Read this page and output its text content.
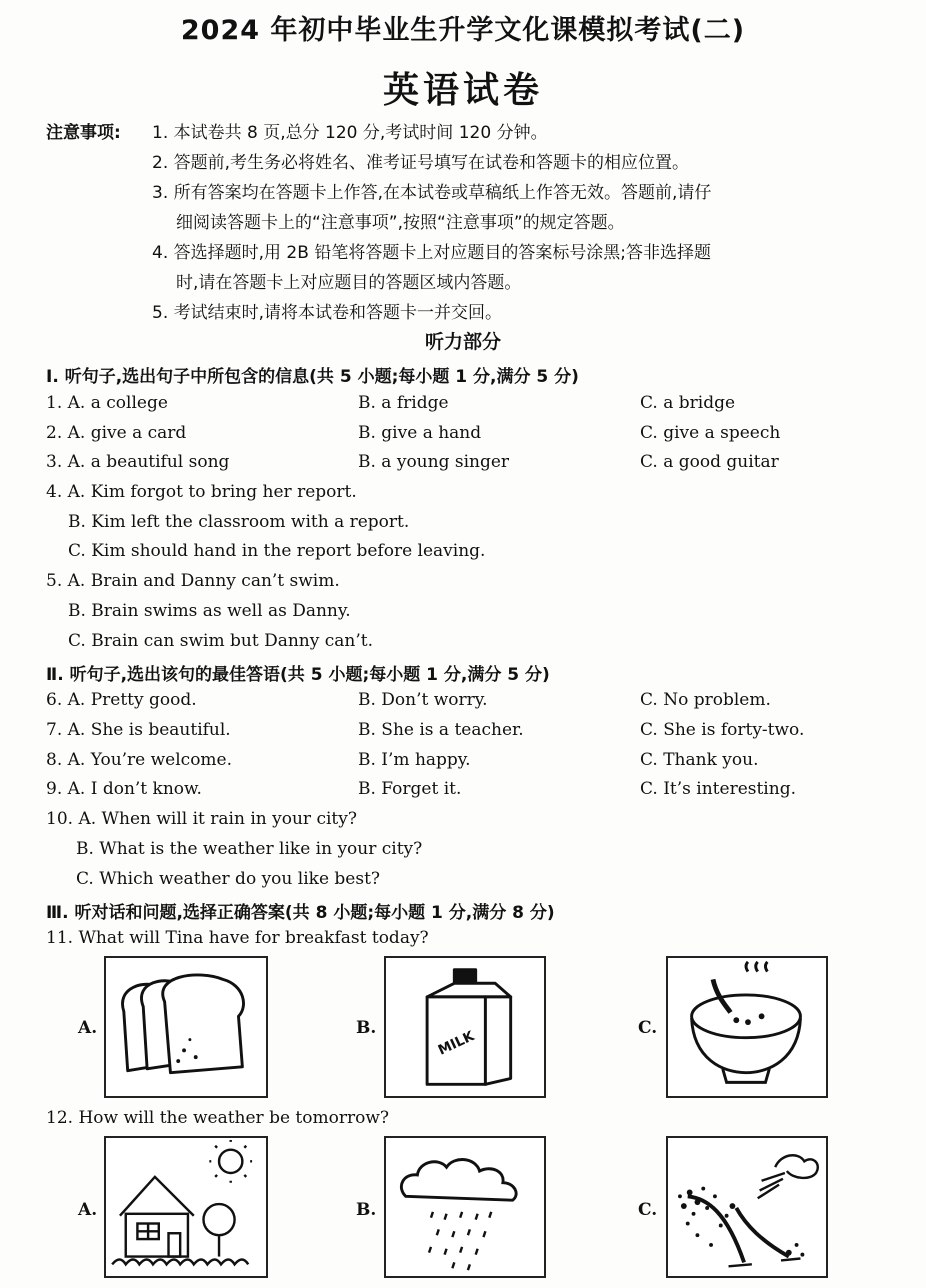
2024 年初中毕业生升学文化课模拟考试(二)
英语试卷
注意事项: 1. 本试卷共 8 页,总分 120 分,考试时间 120 分钟。
2. 答题前,考生务必将姓名、准考证号填写在试卷和答题卡的相应位置。
3. 所有答案均在答题卡上作答,在本试卷或草稿纸上作答无效。答题前,请仔
细阅读答题卡上的“注意事项”,按照“注意事项”的规定答题。
4. 答选择题时,用 2B 铅笔将答题卡上对应题目的答案标号涂黑;答非选择题
时,请在答题卡上对应题目的答题区域内答题。
5. 考试结束时,请将本试卷和答题卡一并交回。
听力部分
Ⅰ. 听句子,选出句子中所包含的信息(共 5 小题;每小题 1 分,满分 5 分)
1. A. a college	B. a fridge	C. a bridge
2. A. give a card	B. give a hand	C. give a speech
3. A. a beautiful song	B. a young singer	C. a good guitar
4. A. Kim forgot to bring her report.
B. Kim left the classroom with a report.
C. Kim should hand in the report before leaving.
5. A. Brain and Danny can’t swim.
B. Brain swims as well as Danny.
C. Brain can swim but Danny can’t.
Ⅱ. 听句子,选出该句的最佳答语(共 5 小题;每小题 1 分,满分 5 分)
6. A. Pretty good.	B. Don’t worry.	C. No problem.
7. A. She is beautiful.	B. She is a teacher.	C. She is forty-two.
8. A. You’re welcome.	B. I’m happy.	C. Thank you.
9. A. I don’t know.	B. Forget it.	C. It’s interesting.
10. A. When will it rain in your city?
B. What is the weather like in your city?
C. Which weather do you like best?
Ⅲ. 听对话和问题,选择正确答案(共 8 小题;每小题 1 分,满分 8 分)
11. What will Tina have for breakfast today?
A.	B.
MILK
C.
12. How will the weather be tomorrow?
A.	B.	C.
